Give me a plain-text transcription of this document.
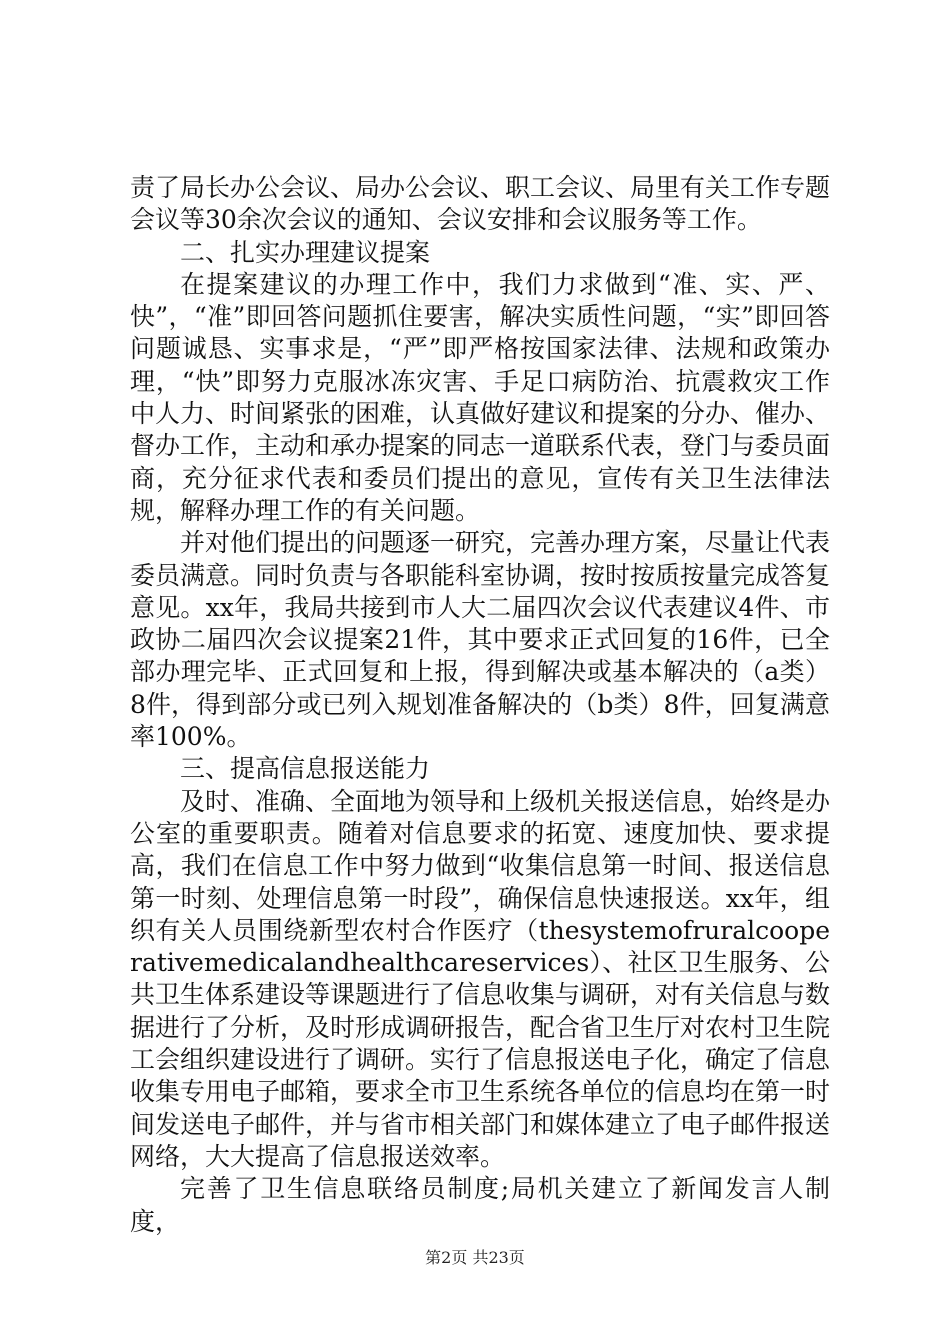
责了局长办公会议、局办公会议、职工会议、局里有关工作专题会议等30余次会议的通知、会议安排和会议服务等工作。

二、扎实办理建议提案

在提案建议的办理工作中，我们力求做到“准、实、严、快”，“准”即回答问题抓住要害，解决实质性问题，“实”即回答问题诚恳、实事求是，“严”即严格按国家法律、法规和政策办理，“快”即努力克服冰冻灾害、手足口病防治、抗震救灾工作中人力、时间紧张的困难，认真做好建议和提案的分办、催办、督办工作，主动和承办提案的同志一道联系代表，登门与委员面商，充分征求代表和委员们提出的意见，宣传有关卫生法律法规，解释办理工作的有关问题。

并对他们提出的问题逐一研究，完善办理方案，尽量让代表委员满意。同时负责与各职能科室协调，按时按质按量完成答复意见。xx年，我局共接到市人大二届四次会议代表建议4件、市政协二届四次会议提案21件，其中要求正式回复的16件，已全部办理完毕、正式回复和上报，得到解决或基本解决的（a类）8件，得到部分或已列入规划准备解决的（b类）8件，回复满意率100%。

三、提高信息报送能力

及时、准确、全面地为领导和上级机关报送信息，始终是办公室的重要职责。随着对信息要求的拓宽、速度加快、要求提高，我们在信息工作中努力做到“收集信息第一时间、报送信息第一时刻、处理信息第一时段”，确保信息快速报送。xx年，组织有关人员围绕新型农村合作医疗（thesystemofruralcooperativemedicalandhealthcareservices）、社区卫生服务、公共卫生体系建设等课题进行了信息收集与调研，对有关信息与数据进行了分析，及时形成调研报告，配合省卫生厅对农村卫生院工会组织建设进行了调研。实行了信息报送电子化，确定了信息收集专用电子邮箱，要求全市卫生系统各单位的信息均在第一时间发送电子邮件，并与省市相关部门和媒体建立了电子邮件报送网络，大大提高了信息报送效率。

完善了卫生信息联络员制度;局机关建立了新闻发言人制度，

第2页 共23页
